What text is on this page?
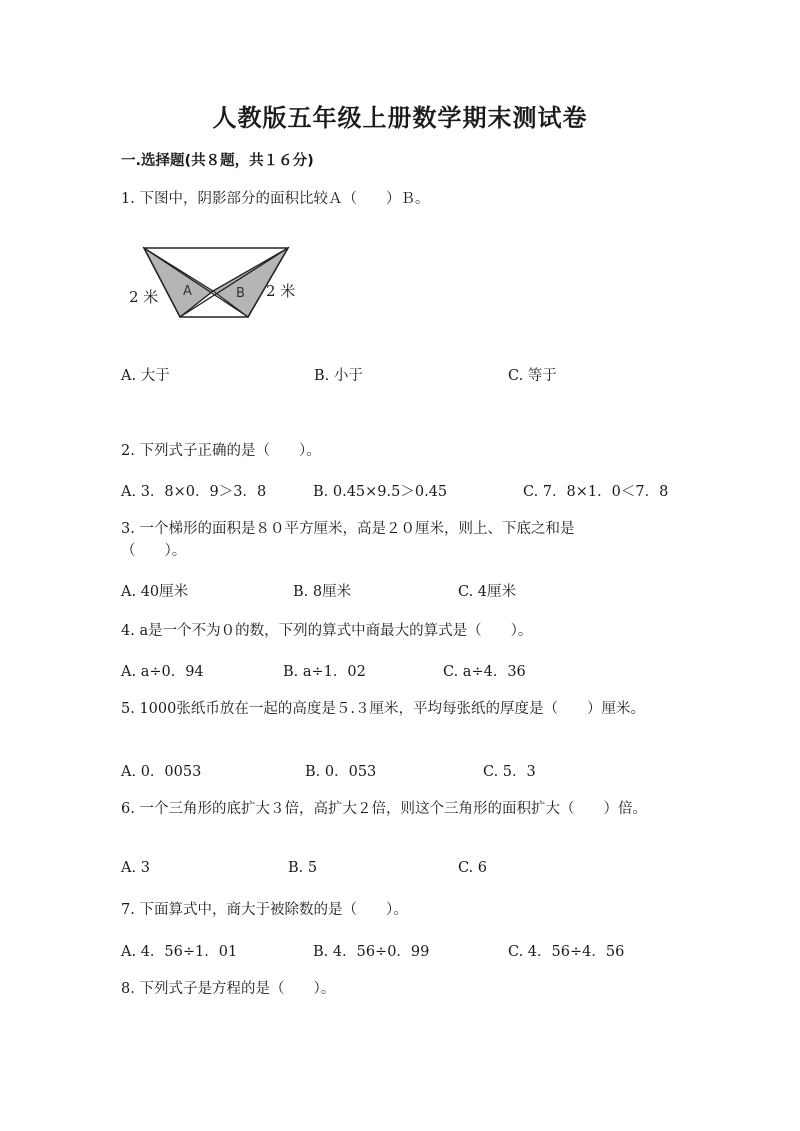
人教版五年级上册数学期末测试卷
一.选择题(共８题，共１６分)
1. 下图中，阴影部分的面积比较Ａ（　　）Ｂ。
A	B
2 米	2 米
A. 大于	B. 小于	C. 等于
2. 下列式子正确的是（　　）。
A. 3．8×0．9＞3．8	B. 0.45×9.5＞0.45	C. 7．8×1．0＜7．8
3. 一个梯形的面积是８０平方厘米，高是２０厘米，则上、下底之和是（　　）。
A. 40厘米	B. 8厘米	C. 4厘米
4. a是一个不为０的数，下列的算式中商最大的算式是（　　）。
A. a÷0．94	B. a÷1．02	C. a÷4．36
5. 1000张纸币放在一起的高度是５.３厘米，平均每张纸的厚度是（　　）厘米。
A. 0．0053	B. 0．053	C. 5．3
6. 一个三角形的底扩大３倍，高扩大２倍，则这个三角形的面积扩大（　　）倍。
A. 3	B. 5	C. 6
7. 下面算式中，商大于被除数的是（　　）。
A. 4．56÷1．01	B. 4．56÷0．99	C. 4．56÷4．56
8. 下列式子是方程的是（　　）。
